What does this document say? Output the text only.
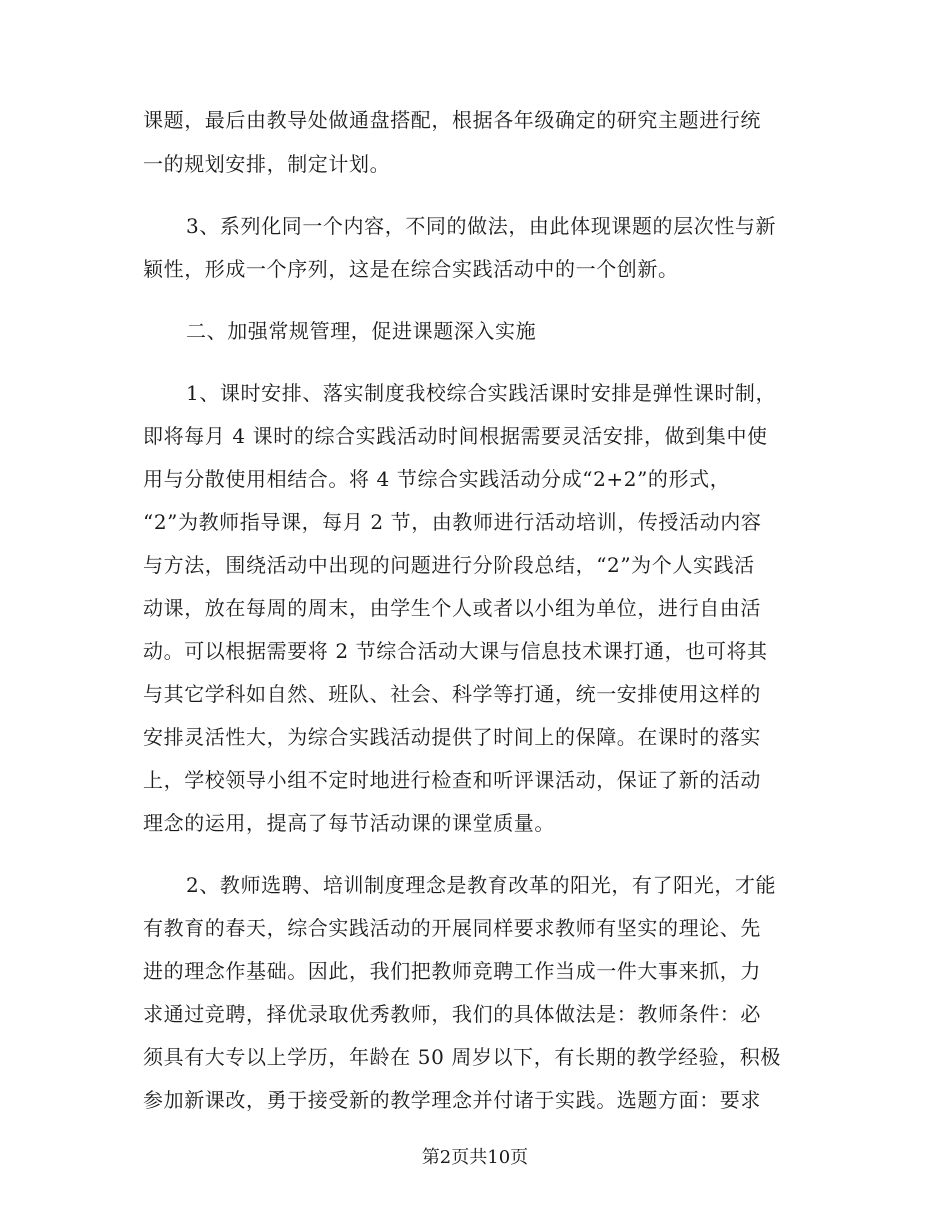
课题，最后由教导处做通盘搭配，根据各年级确定的研究主题进行统
一的规划安排，制定计划。
3、系列化同一个内容，不同的做法，由此体现课题的层次性与新
颖性，形成一个序列，这是在综合实践活动中的一个创新。
二、加强常规管理，促进课题深入实施
1、课时安排、落实制度我校综合实践活课时安排是弹性课时制，
即将每月 4 课时的综合实践活动时间根据需要灵活安排，做到集中使
用与分散使用相结合。将 4 节综合实践活动分成“2+2”的形式，
“2”为教师指导课，每月 2 节，由教师进行活动培训，传授活动内容
与方法，围绕活动中出现的问题进行分阶段总结，“2”为个人实践活
动课，放在每周的周末，由学生个人或者以小组为单位，进行自由活
动。可以根据需要将 2 节综合活动大课与信息技术课打通，也可将其
与其它学科如自然、班队、社会、科学等打通，统一安排使用这样的
安排灵活性大，为综合实践活动提供了时间上的保障。在课时的落实
上，学校领导小组不定时地进行检查和听评课活动，保证了新的活动
理念的运用，提高了每节活动课的课堂质量。
2、教师选聘、培训制度理念是教育改革的阳光，有了阳光，才能
有教育的春天，综合实践活动的开展同样要求教师有坚实的理论、先
进的理念作基础。因此，我们把教师竞聘工作当成一件大事来抓，力
求通过竞聘，择优录取优秀教师，我们的具体做法是：教师条件：必
须具有大专以上学历，年龄在 50 周岁以下，有长期的教学经验，积极
参加新课改，勇于接受新的教学理念并付诸于实践。选题方面：要求
第2页共10页
